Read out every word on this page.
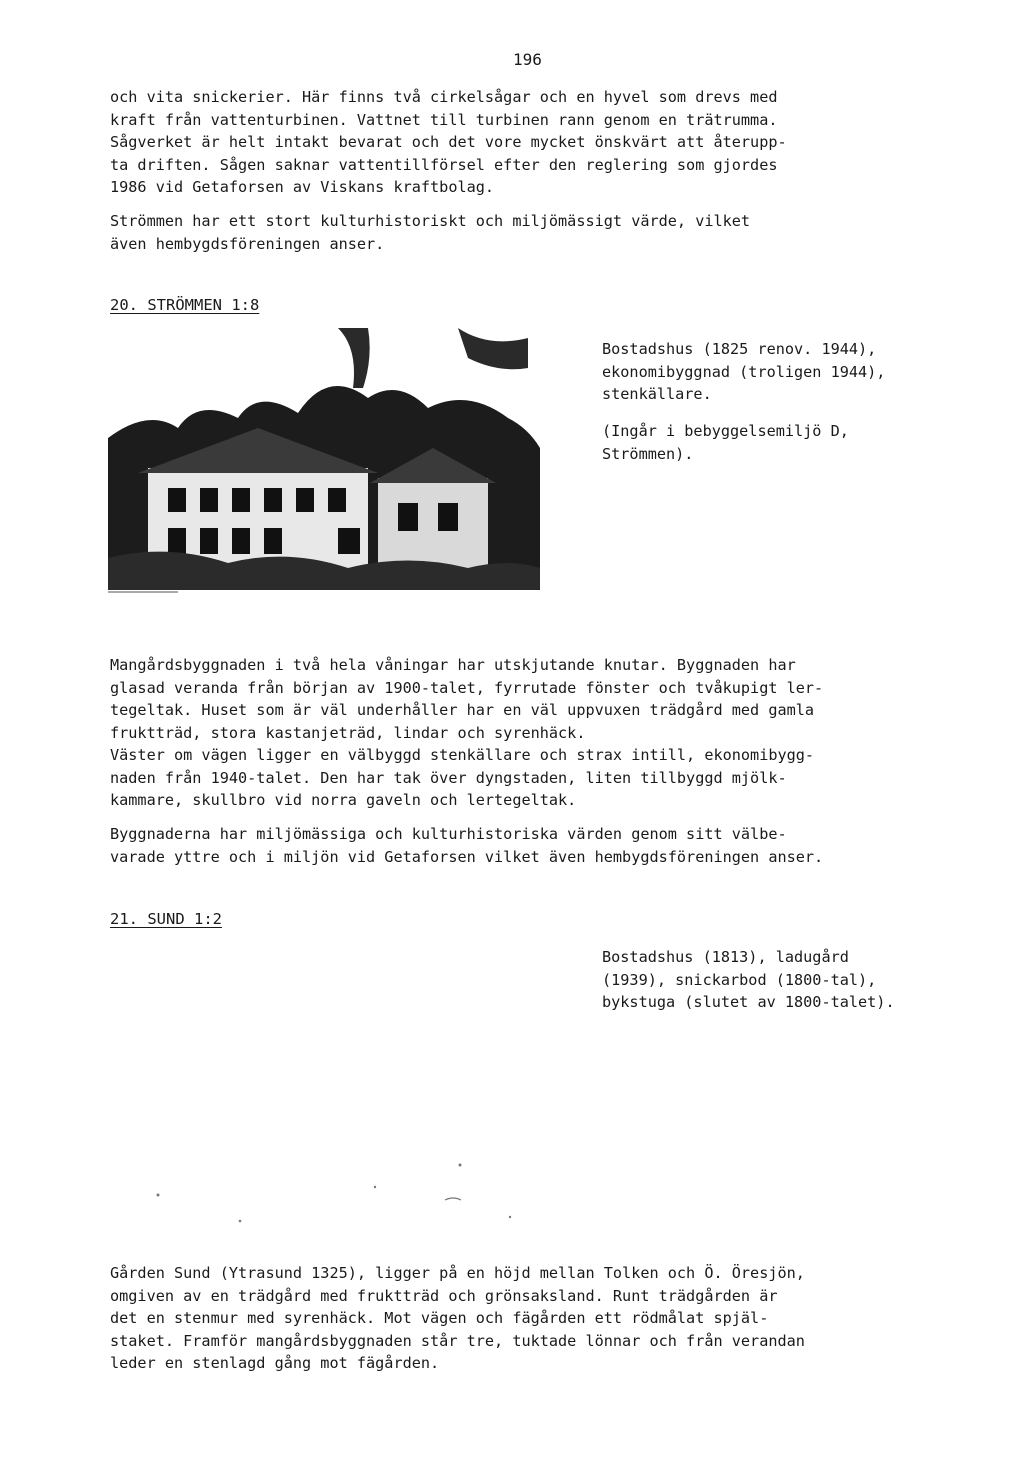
196

och vita snickerier. Här finns två cirkelsågar och en hyvel som drevs med
kraft från vattenturbinen. Vattnet till turbinen rann genom en trätrumma.
Sågverket är helt intakt bevarat och det vore mycket önskvärt att återupp-
ta driften. Sågen saknar vattentillförsel efter den reglering som gjordes
1986 vid Getaforsen av Viskans kraftbolag.

Strömmen har ett stort kulturhistoriskt och miljömässigt värde, vilket
även hembygdsföreningen anser.

20. STRÖMMEN 1:8

Bostadshus (1825 renov. 1944),
ekonomibyggnad (troligen 1944),
stenkällare.

(Ingår i bebyggelsemiljö D,
Strömmen).

Mangårdsbyggnaden i två hela våningar har utskjutande knutar. Byggnaden har
glasad veranda från början av 1900-talet, fyrrutade fönster och tvåkupigt ler-
tegeltak. Huset som är väl underhåller har en väl uppvuxen trädgård med gamla
fruktträd, stora kastanjeträd, lindar och syrenhäck.
Väster om vägen ligger en välbyggd stenkällare och strax intill, ekonomibygg-
naden från 1940-talet. Den har tak över dyngstaden, liten tillbyggd mjölk-
kammare, skullbro vid norra gaveln och lertegeltak.

Byggnaderna har miljömässiga och kulturhistoriska värden genom sitt välbe-
varade yttre och i miljön vid Getaforsen vilket även hembygdsföreningen anser.

21. SUND 1:2

Bostadshus (1813), ladugård
(1939), snickarbod (1800-tal),
bykstuga (slutet av 1800-talet).

Gården Sund (Ytrasund 1325), ligger på en höjd mellan Tolken och Ö. Öresjön,
omgiven av en trädgård med fruktträd och grönsaksland. Runt trädgården är
det en stenmur med syrenhäck. Mot vägen och fägården ett rödmålat spjäl-
staket. Framför mangårdsbyggnaden står tre, tuktade lönnar och från verandan
leder en stenlagd gång mot fägården.
